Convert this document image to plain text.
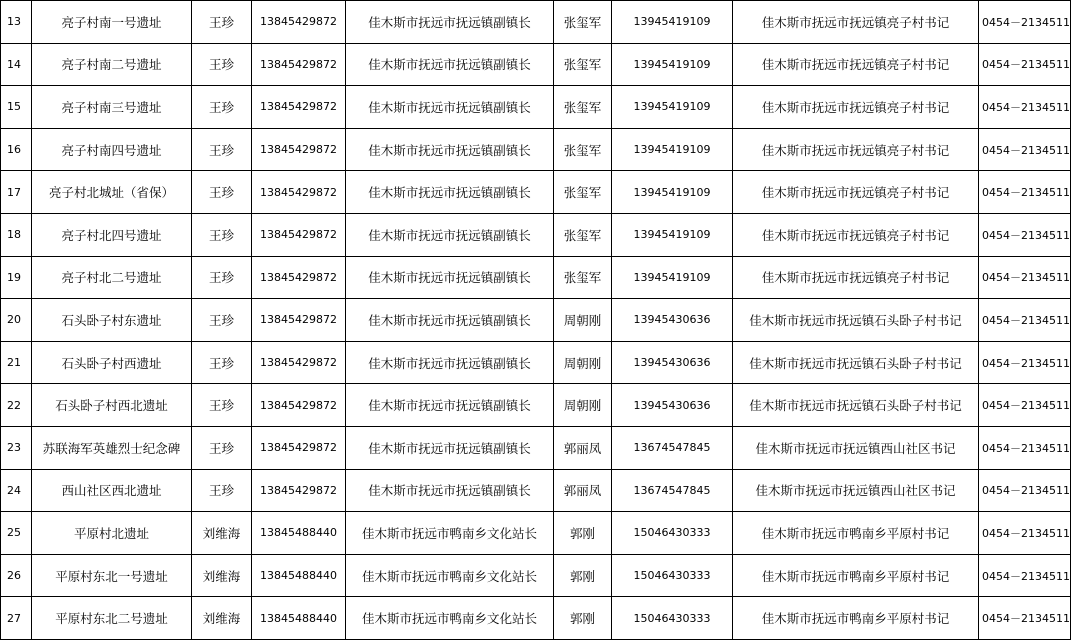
13	亮子村南一号遗址	王珍	13845429872	佳木斯市抚远市抚远镇副镇长	张玺军	13945419109	佳木斯市抚远市抚远镇亮子村书记	0454－2134511
14	亮子村南二号遗址	王珍	13845429872	佳木斯市抚远市抚远镇副镇长	张玺军	13945419109	佳木斯市抚远市抚远镇亮子村书记	0454－2134511
15	亮子村南三号遗址	王珍	13845429872	佳木斯市抚远市抚远镇副镇长	张玺军	13945419109	佳木斯市抚远市抚远镇亮子村书记	0454－2134511
16	亮子村南四号遗址	王珍	13845429872	佳木斯市抚远市抚远镇副镇长	张玺军	13945419109	佳木斯市抚远市抚远镇亮子村书记	0454－2134511
17	亮子村北城址（省保）	王珍	13845429872	佳木斯市抚远市抚远镇副镇长	张玺军	13945419109	佳木斯市抚远市抚远镇亮子村书记	0454－2134511
18	亮子村北四号遗址	王珍	13845429872	佳木斯市抚远市抚远镇副镇长	张玺军	13945419109	佳木斯市抚远市抚远镇亮子村书记	0454－2134511
19	亮子村北二号遗址	王珍	13845429872	佳木斯市抚远市抚远镇副镇长	张玺军	13945419109	佳木斯市抚远市抚远镇亮子村书记	0454－2134511
20	石头卧子村东遗址	王珍	13845429872	佳木斯市抚远市抚远镇副镇长	周朝刚	13945430636	佳木斯市抚远市抚远镇石头卧子村书记	0454－2134511
21	石头卧子村西遗址	王珍	13845429872	佳木斯市抚远市抚远镇副镇长	周朝刚	13945430636	佳木斯市抚远市抚远镇石头卧子村书记	0454－2134511
22	石头卧子村西北遗址	王珍	13845429872	佳木斯市抚远市抚远镇副镇长	周朝刚	13945430636	佳木斯市抚远市抚远镇石头卧子村书记	0454－2134511
23	苏联海军英雄烈士纪念碑	王珍	13845429872	佳木斯市抚远市抚远镇副镇长	郭丽凤	13674547845	佳木斯市抚远市抚远镇西山社区书记	0454－2134511
24	西山社区西北遗址	王珍	13845429872	佳木斯市抚远市抚远镇副镇长	郭丽凤	13674547845	佳木斯市抚远市抚远镇西山社区书记	0454－2134511
25	平原村北遗址	刘维海	13845488440	佳木斯市抚远市鸭南乡文化站长	郭刚	15046430333	佳木斯市抚远市鸭南乡平原村书记	0454－2134511
26	平原村东北一号遗址	刘维海	13845488440	佳木斯市抚远市鸭南乡文化站长	郭刚	15046430333	佳木斯市抚远市鸭南乡平原村书记	0454－2134511
27	平原村东北二号遗址	刘维海	13845488440	佳木斯市抚远市鸭南乡文化站长	郭刚	15046430333	佳木斯市抚远市鸭南乡平原村书记	0454－2134511
